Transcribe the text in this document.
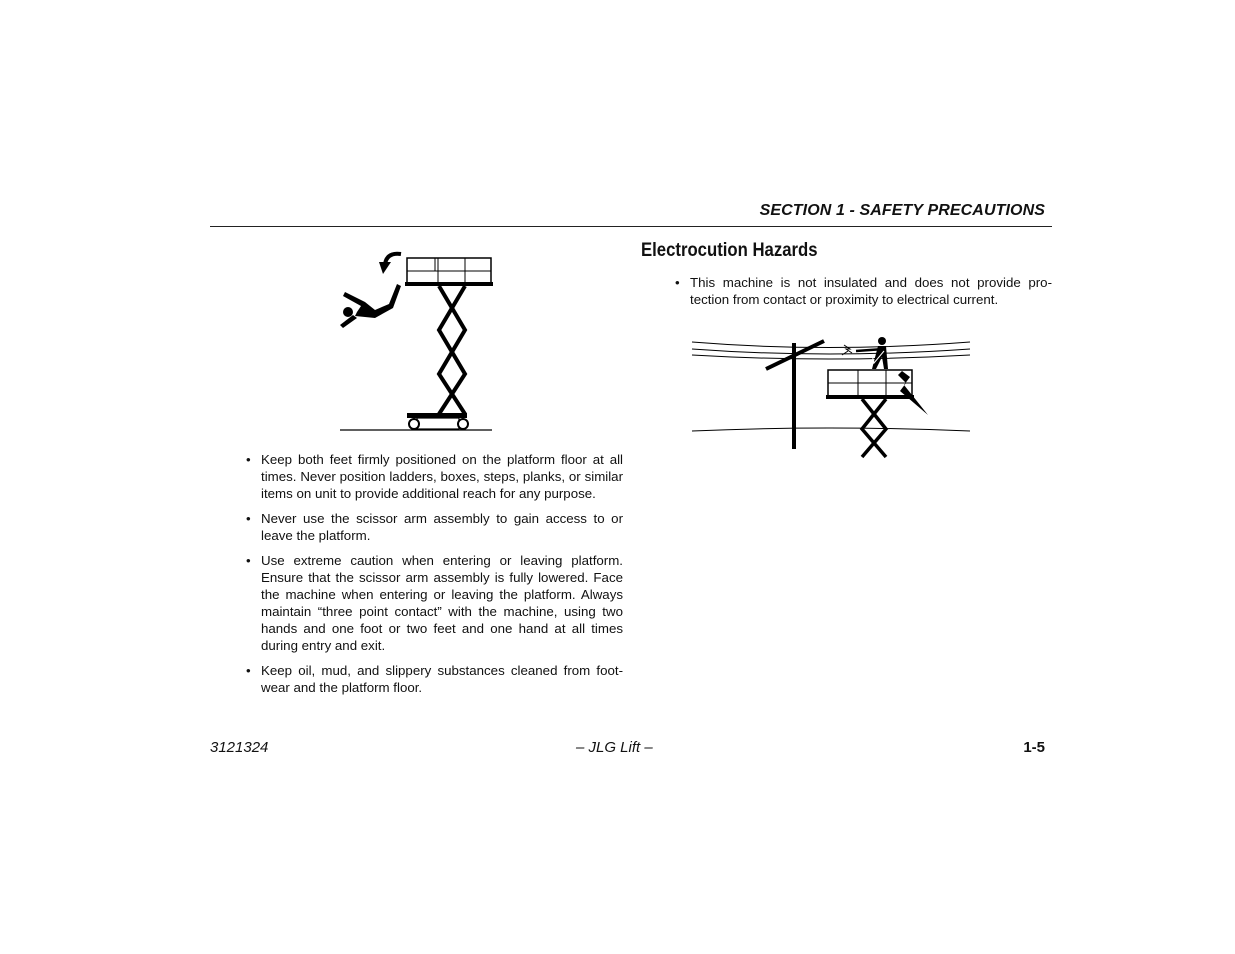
SECTION 1 - SAFETY PRECAUTIONS
Electrocution Hazards
• This machine is not insulated and does not provide pro- tection from contact or proximity to electrical current.
• Keep both feet firmly positioned on the platform floor at all times. Never position ladders, boxes, steps, planks, or similar items on unit to provide additional reach for any purpose.
• Never use the scissor arm assembly to gain access to or leave the platform.
• Use extreme caution when entering or leaving platform. Ensure that the scissor arm assembly is fully lowered. Face the machine when entering or leaving the platform. Always maintain “three point contact” with the machine, using two hands and one foot or two feet and one hand at all times during entry and exit.
• Keep oil, mud, and slippery substances cleaned from foot- wear and the platform floor.
3121324	– JLG Lift –	1-5
